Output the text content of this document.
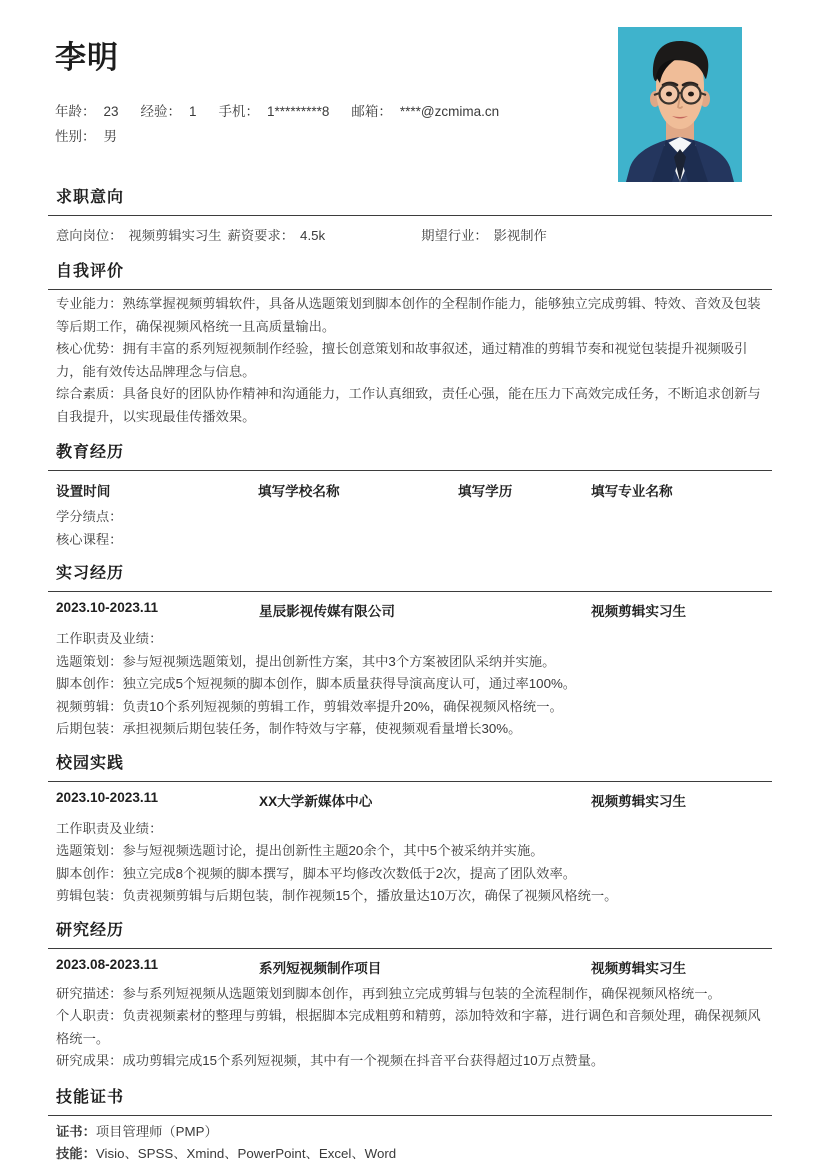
李明
年龄： 23 经验： 1 手机： 1*********8 邮箱： ****@zcmima.cn
性别： 男
求职意向
意向岗位： 视频剪辑实习生 薪资要求： 4.5k	期望行业： 影视制作
自我评价

专业能力：熟练掌握视频剪辑软件，具备从选题策划到脚本创作的全程制作能力，能够独立完成剪辑、特效、音效及包装等后期工作，确保视频风格统一且高质量输出。

核心优势：拥有丰富的系列短视频制作经验，擅长创意策划和故事叙述，通过精准的剪辑节奏和视觉包装提升视频吸引力，能有效传达品牌理念与信息。

综合素质：具备良好的团队协作精神和沟通能力，工作认真细致，责任心强，能在压力下高效完成任务，不断追求创新与自我提升，以实现最佳传播效果。

教育经历
设置时间	填写学校名称	填写学历	填写专业名称

学分绩点：

核心课程：

实习经历
2023.10-2023.11	星辰影视传媒有限公司	视频剪辑实习生

工作职责及业绩：

选题策划：参与短视频选题策划，提出创新性方案，其中3个方案被团队采纳并实施。

脚本创作：独立完成5个短视频的脚本创作，脚本质量获得导演高度认可，通过率100%。

视频剪辑：负责10个系列短视频的剪辑工作，剪辑效率提升20%，确保视频风格统一。

后期包装：承担视频后期包装任务，制作特效与字幕，使视频观看量增长30%。

校园实践
2023.10-2023.11	XX大学新媒体中心	视频剪辑实习生

工作职责及业绩：

选题策划：参与短视频选题讨论，提出创新性主题20余个，其中5个被采纳并实施。

脚本创作：独立完成8个视频的脚本撰写，脚本平均修改次数低于2次，提高了团队效率。

剪辑包装：负责视频剪辑与后期包装，制作视频15个，播放量达10万次，确保了视频风格统一。

研究经历
2023.08-2023.11	系列短视频制作项目	视频剪辑实习生

研究描述：参与系列短视频从选题策划到脚本创作，再到独立完成剪辑与包装的全流程制作，确保视频风格统一。

个人职责：负责视频素材的整理与剪辑，根据脚本完成粗剪和精剪，添加特效和字幕，进行调色和音频处理，确保视频风格统一。

研究成果：成功剪辑完成15个系列短视频，其中有一个视频在抖音平台获得超过10万点赞量。

技能证书

证书：项目管理师（PMP）

技能：Visio、SPSS、Xmind、PowerPoint、Excel、Word
